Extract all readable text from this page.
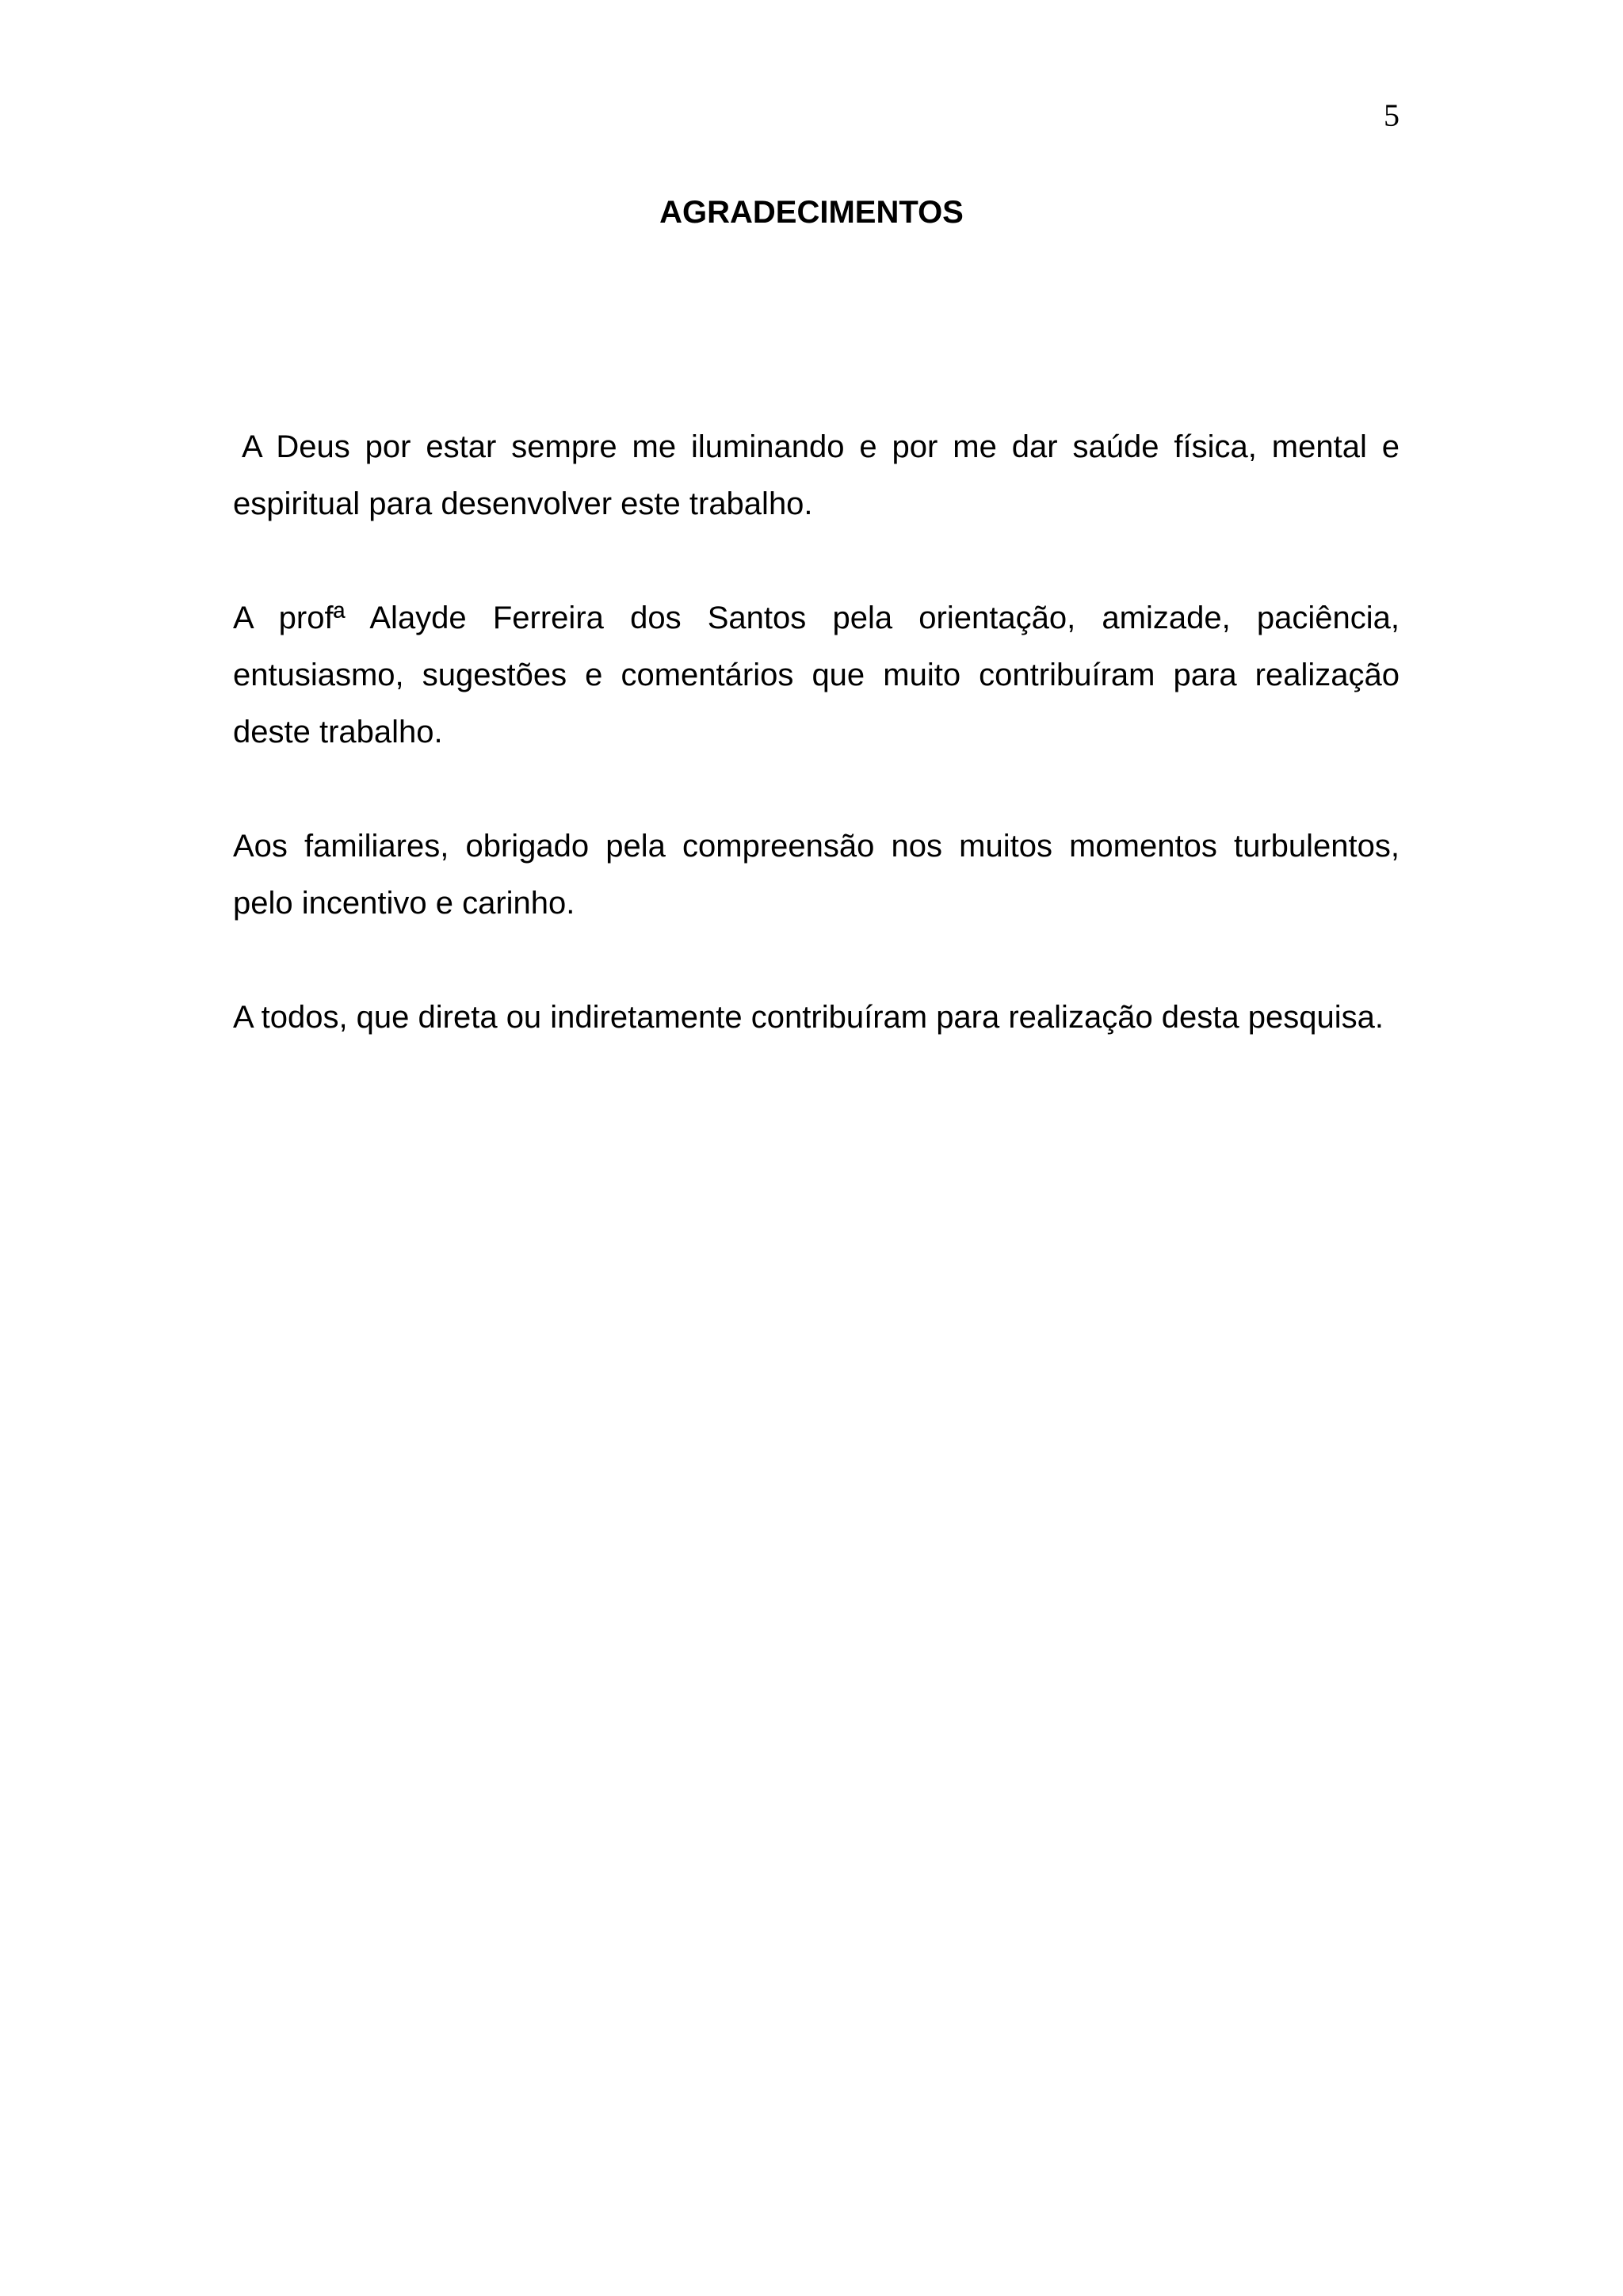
5
AGRADECIMENTOS

A Deus por estar sempre me iluminando e por me dar saúde física, mental e espiritual para desenvolver este trabalho.

A profª Alayde Ferreira dos Santos pela orientação, amizade, paciência, entusiasmo, sugestões e comentários que muito contribuíram para realização deste trabalho.

Aos familiares, obrigado pela compreensão nos muitos momentos turbulentos, pelo incentivo e carinho.

A todos, que direta ou indiretamente contribuíram para realização desta pesquisa.
